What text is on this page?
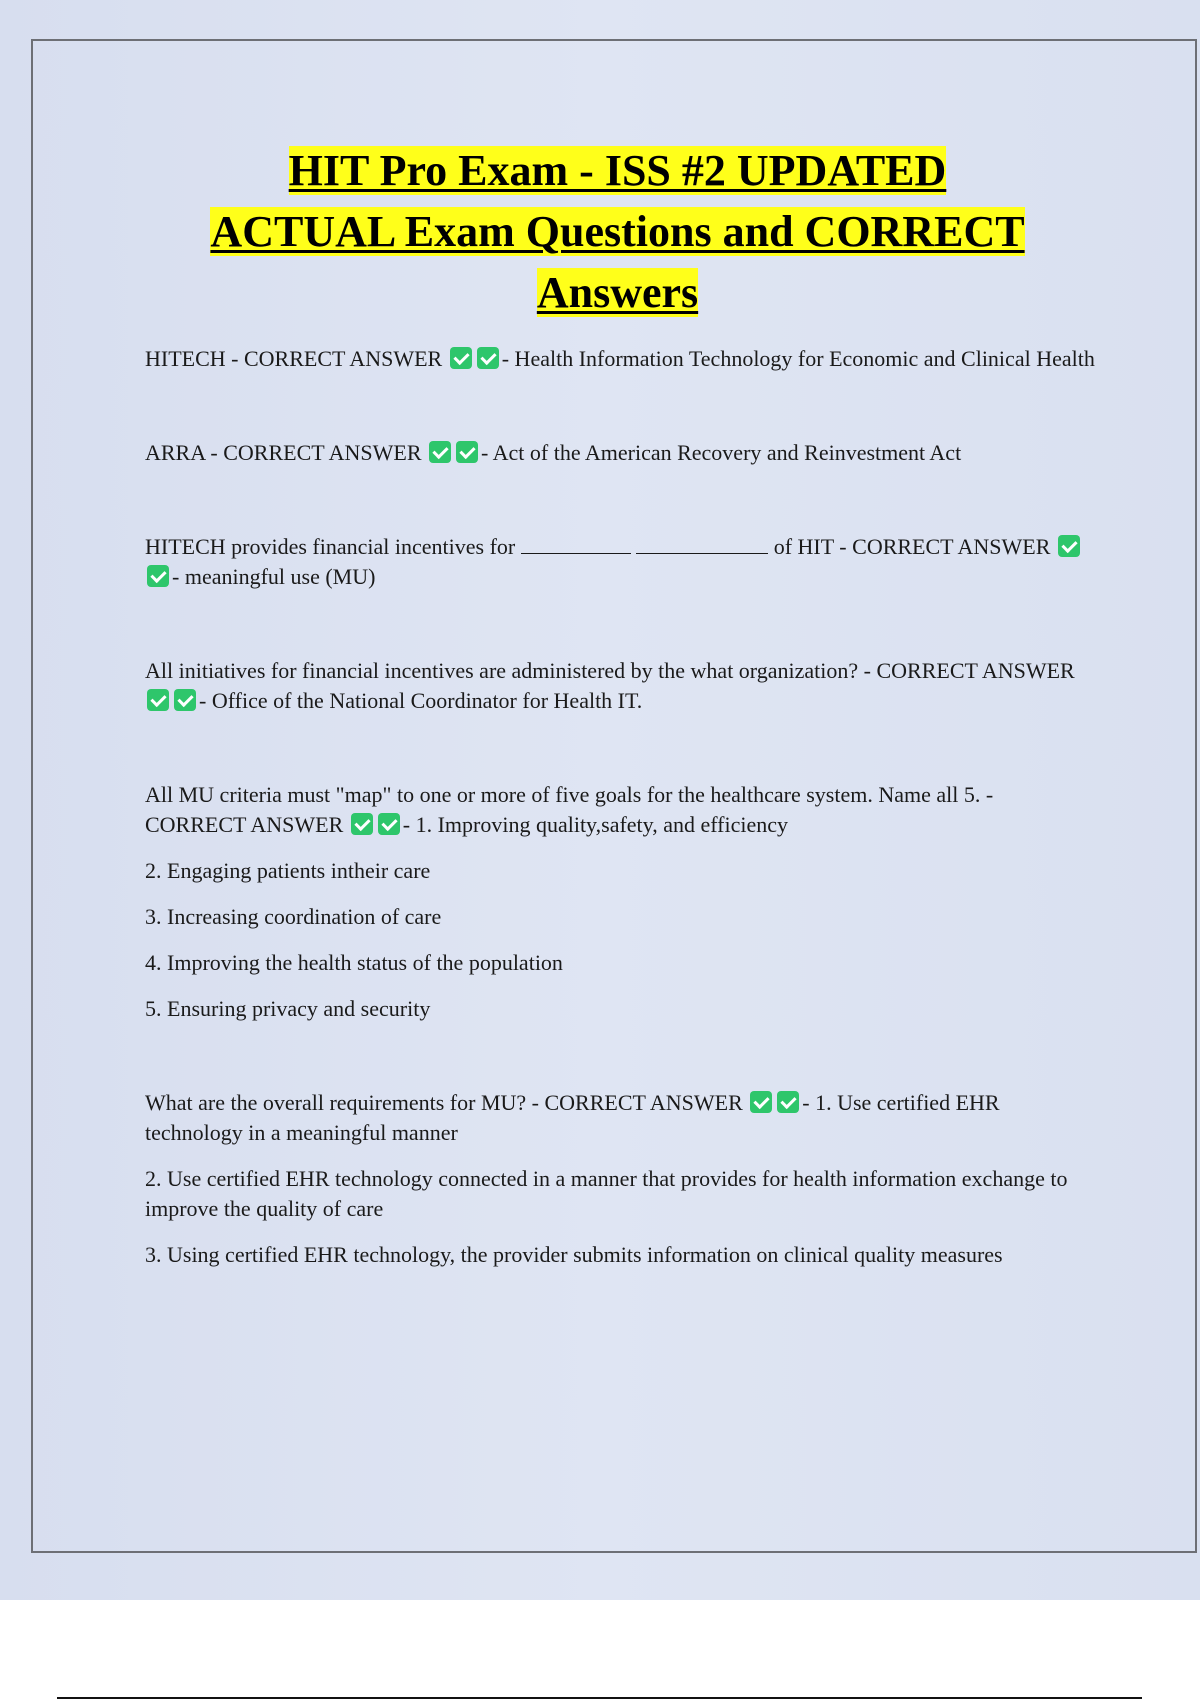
HIT Pro Exam - ISS #2 UPDATED
ACTUAL Exam Questions and CORRECT
Answers

HITECH - CORRECT ANSWER	- Health Information Technology for Economic and Clinical Health

ARRA - CORRECT ANSWER	- Act of the American Recovery and Reinvestment Act

HITECH provides financial incentives for	of HIT - CORRECT ANSWER - meaningful use (MU)

All initiatives for financial incentives are administered by the what organization? - CORRECT ANSWER - Office of the National Coordinator for Health IT.

All MU criteria must "map" to one or more of five goals for the healthcare system. Name all 5. - CORRECT ANSWER	- 1. Improving quality,safety, and efficiency

2. Engaging patients intheir care

3. Increasing coordination of care

4. Improving the health status of the population

5. Ensuring privacy and security

What are the overall requirements for MU? - CORRECT ANSWER	- 1. Use certified EHR technology in a meaningful manner

2. Use certified EHR technology connected in a manner that provides for health information exchange to improve the quality of care

3. Using certified EHR technology, the provider submits information on clinical quality measures
